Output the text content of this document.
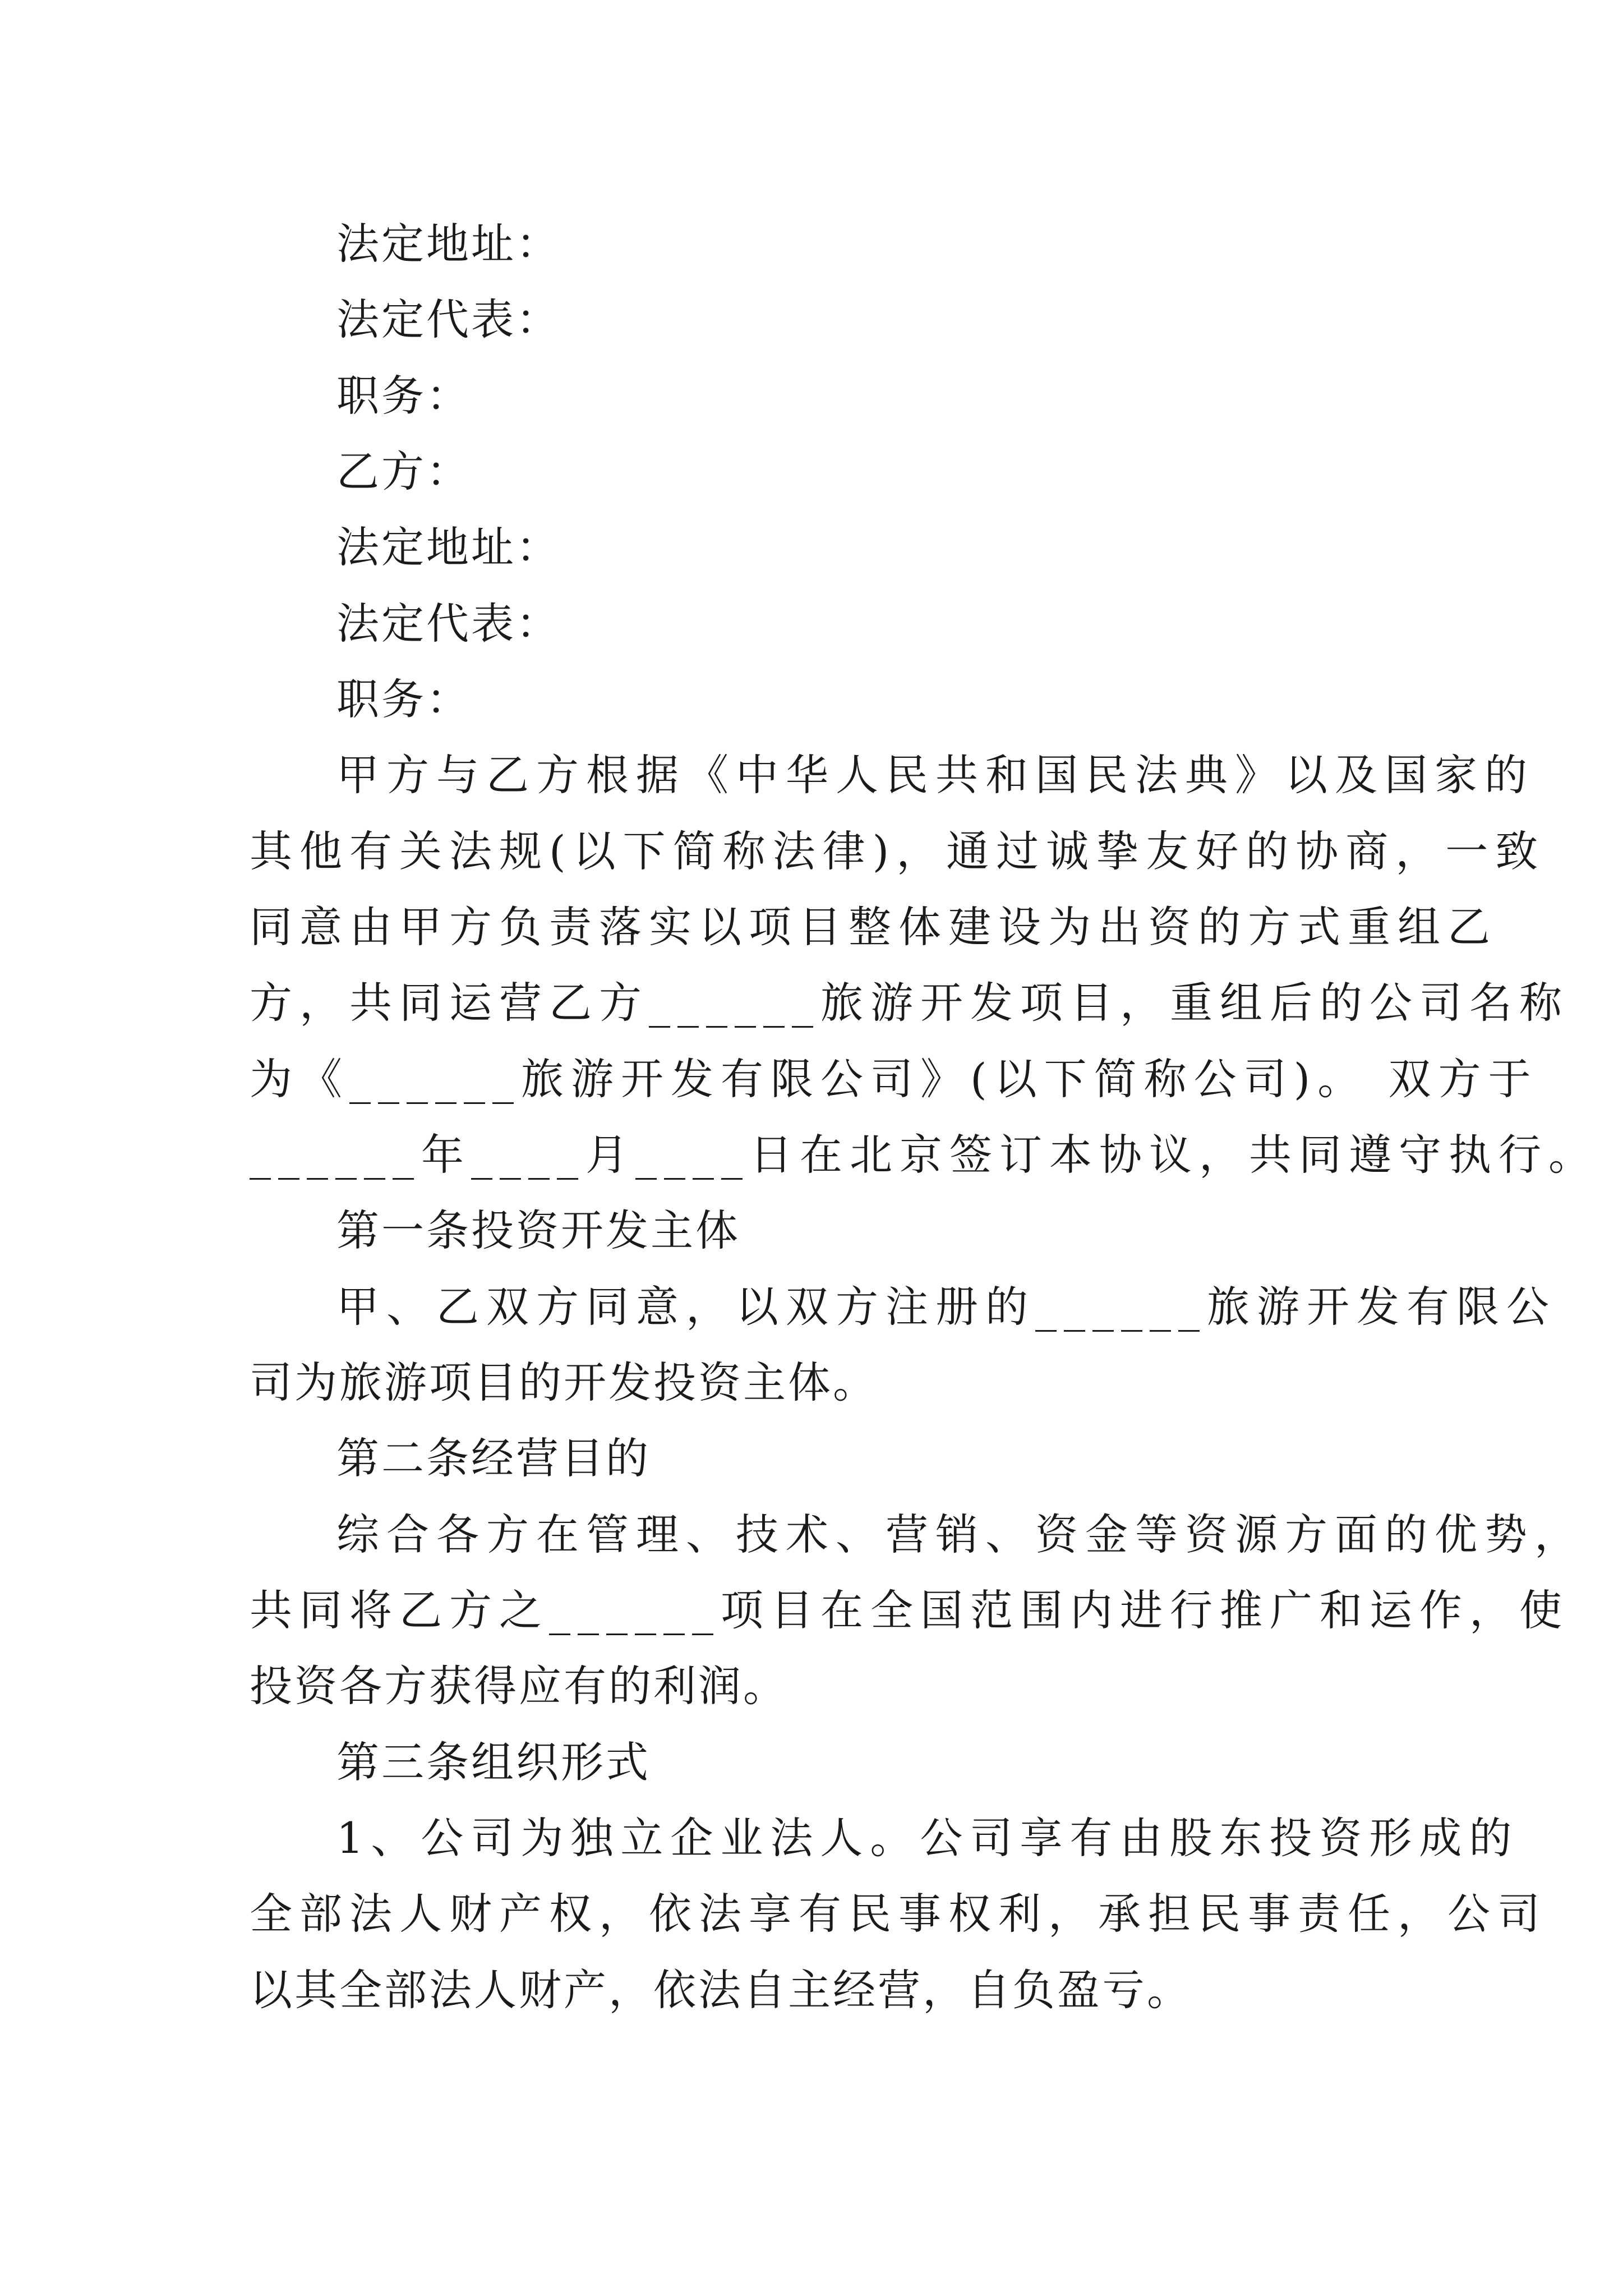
法定地址：
法定代表：
职务：
乙方：
法定地址：
法定代表：
职务：
甲方与乙方根据《中华人民共和国民法典》以及国家的
其他有关法规(以下简称法律)，通过诚挚友好的协商，一致
同意由甲方负责落实以项目整体建设为出资的方式重组乙
方，共同运营乙方______旅游开发项目，重组后的公司名称
为《______旅游开发有限公司》(以下简称公司)。 双方于
______年____月____日在北京签订本协议，共同遵守执行。
第一条投资开发主体
甲、乙双方同意，以双方注册的______旅游开发有限公
司为旅游项目的开发投资主体。
第二条经营目的
综合各方在管理、技术、营销、资金等资源方面的优势，
共同将乙方之______项目在全国范围内进行推广和运作，使
投资各方获得应有的利润。
第三条组织形式
1、公司为独立企业法人。公司享有由股东投资形成的
全部法人财产权，依法享有民事权利，承担民事责任，公司
以其全部法人财产，依法自主经营，自负盈亏。
